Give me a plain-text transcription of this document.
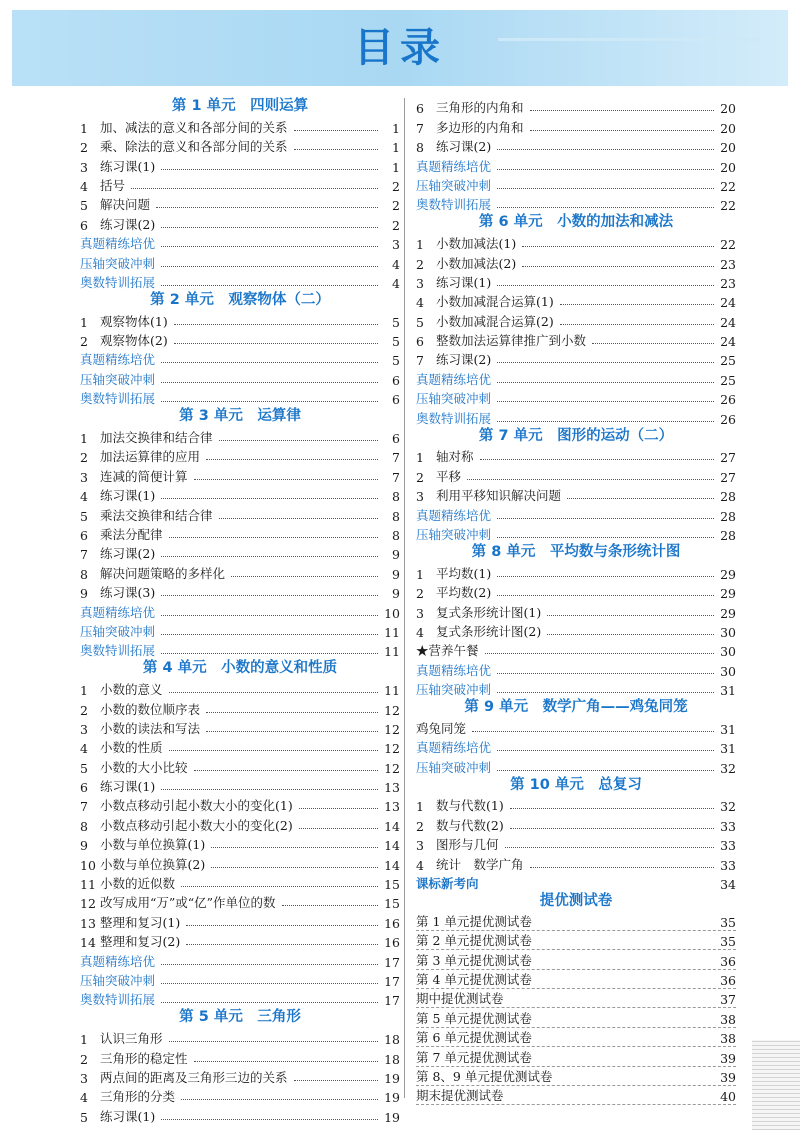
目录
第 1 单元　四则运算
1 加、减法的意义和各部分间的关系	1
2 乘、除法的意义和各部分间的关系	1
3 练习课(1)	1
4 括号	2
5 解决问题	2
6 练习课(2)	2
真题精练培优	3
压轴突破冲刺	4
奥数特训拓展	4
第 2 单元　观察物体（二）
1 观察物体(1)	5
2 观察物体(2)	5
真题精练培优	5
压轴突破冲刺	6
奥数特训拓展	6
第 3 单元　运算律
1 加法交换律和结合律	6
2 加法运算律的应用	7
3 连减的简便计算	7
4 练习课(1)	8
5 乘法交换律和结合律	8
6 乘法分配律	8
7 练习课(2)	9
8 解决问题策略的多样化	9
9 练习课(3)	9
真题精练培优	10
压轴突破冲刺	11
奥数特训拓展	11
第 4 单元　小数的意义和性质
1 小数的意义	11
2 小数的数位顺序表	12
3 小数的读法和写法	12
4 小数的性质	12
5 小数的大小比较	12
6 练习课(1)	13
7 小数点移动引起小数大小的变化(1)	13
8 小数点移动引起小数大小的变化(2)	14
9 小数与单位换算(1)	14
10 小数与单位换算(2)	14
11 小数的近似数	15
12 改写成用“万”或“亿”作单位的数	15
13 整理和复习(1)	16
14 整理和复习(2)	16
真题精练培优	17
压轴突破冲刺	17
奥数特训拓展	17
第 5 单元　三角形
1 认识三角形	18
2 三角形的稳定性	18
3 两点间的距离及三角形三边的关系	19
4 三角形的分类	19
5 练习课(1)	19
6 三角形的内角和	20
7 多边形的内角和	20
8 练习课(2)	20
真题精练培优	20
压轴突破冲刺	22
奥数特训拓展	22
第 6 单元　小数的加法和减法
1 小数加减法(1)	22
2 小数加减法(2)	23
3 练习课(1)	23
4 小数加减混合运算(1)	24
5 小数加减混合运算(2)	24
6 整数加法运算律推广到小数	24
7 练习课(2)	25
真题精练培优	25
压轴突破冲刺	26
奥数特训拓展	26
第 7 单元　图形的运动（二）
1 轴对称	27
2 平移	27
3 利用平移知识解决问题	28
真题精练培优	28
压轴突破冲刺	28
第 8 单元　平均数与条形统计图
1 平均数(1)	29
2 平均数(2)	29
3 复式条形统计图(1)	29
4 复式条形统计图(2)	30
★营养午餐	30
真题精练培优	30
压轴突破冲刺	31
第 9 单元　数学广角——鸡兔同笼
鸡兔同笼	31
真题精练培优	31
压轴突破冲刺	32
第 10 单元　总复习
1 数与代数(1)	32
2 数与代数(2)	33
3 图形与几何	33
4 统计　数学广角	33
课标新考向	34
提优测试卷
第 1 单元提优测试卷	35
第 2 单元提优测试卷	35
第 3 单元提优测试卷	36
第 4 单元提优测试卷	36
期中提优测试卷	37
第 5 单元提优测试卷	38
第 6 单元提优测试卷	38
第 7 单元提优测试卷	39
第 8、9 单元提优测试卷	39
期末提优测试卷	40
